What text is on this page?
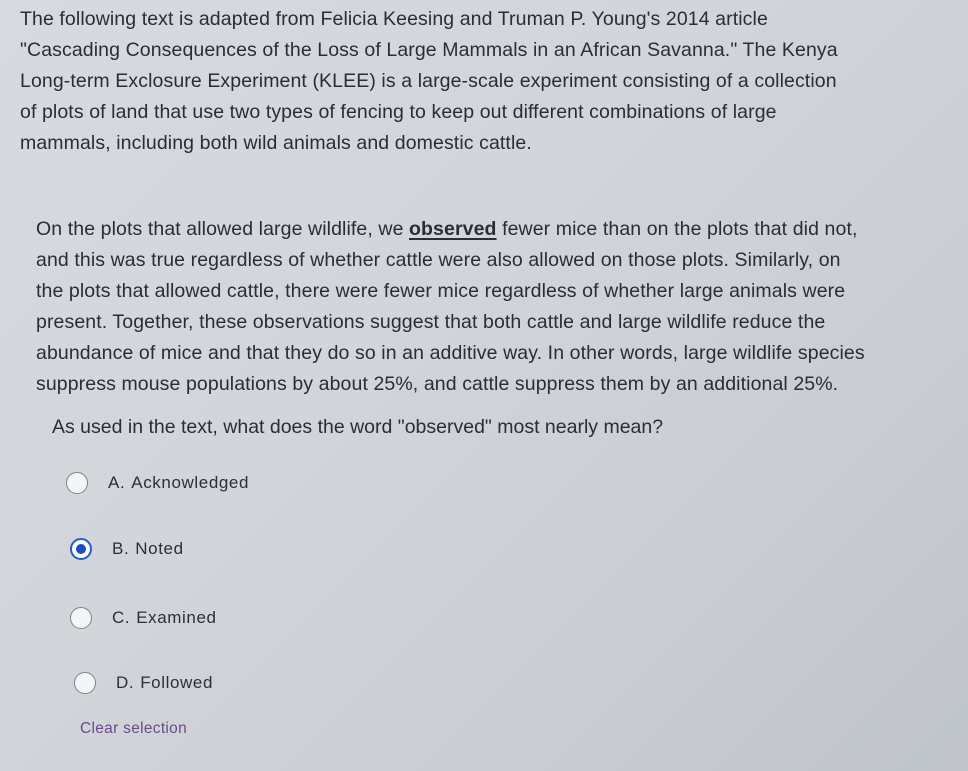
The following text is adapted from Felicia Keesing and Truman P. Young's 2014 article
"Cascading Consequences of the Loss of Large Mammals in an African Savanna." The Kenya
Long-term Exclosure Experiment (KLEE) is a large-scale experiment consisting of a collection
of plots of land that use two types of fencing to keep out different combinations of large
mammals, including both wild animals and domestic cattle.
On the plots that allowed large wildlife, we observed fewer mice than on the plots that did not,
and this was true regardless of whether cattle were also allowed on those plots. Similarly, on
the plots that allowed cattle, there were fewer mice regardless of whether large animals were
present. Together, these observations suggest that both cattle and large wildlife reduce the
abundance of mice and that they do so in an additive way. In other words, large wildlife species
suppress mouse populations by about 25%, and cattle suppress them by an additional 25%.

As used in the text, what does the word "observed" most nearly mean?

A. Acknowledged
B. Noted
C. Examined
D. Followed
Clear selection
